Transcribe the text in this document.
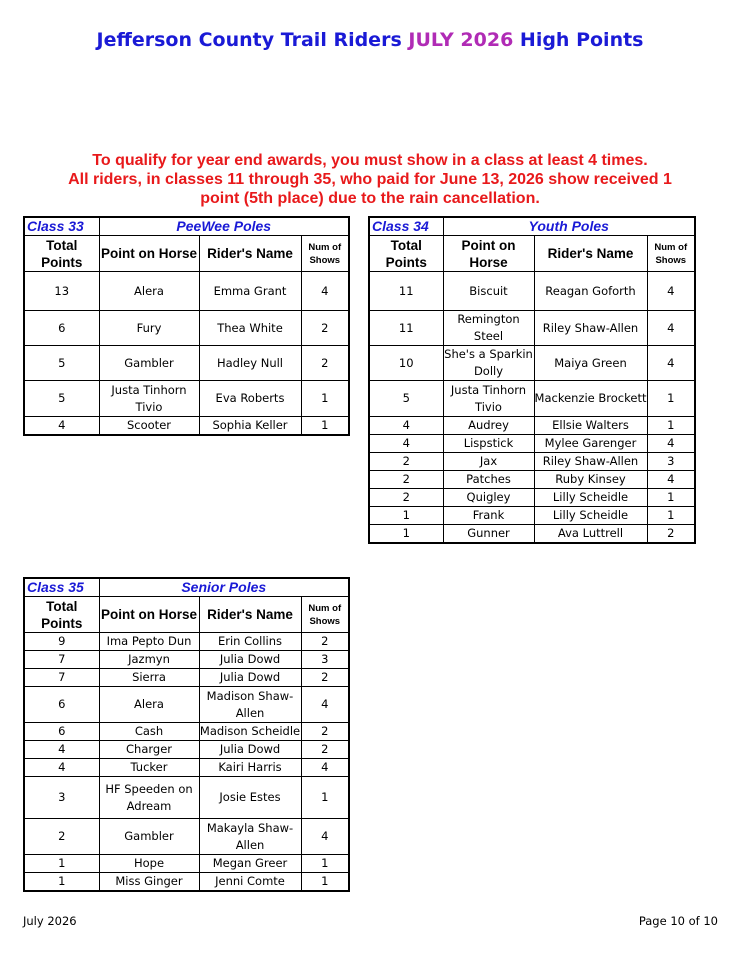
Jefferson County Trail Riders JULY 2026 High Points
To qualify for year end awards, you must show in a class at least 4 times.
All riders, in classes 11 through 35, who paid for June 13, 2026 show received 1
point (5th place) due to the rain cancellation.
Class 33	PeeWee Poles		
Total Points	Point on Horse	Rider's Name	Num of Shows
13	Alera	Emma Grant	4
6	Fury	Thea White	2
5	Gambler	Hadley Null	2
5	Justa Tinhorn Tivio	Eva Roberts	1
4	Scooter	Sophia Keller	1
Class 34	Youth Poles		
Total Points	Point on Horse	Rider's Name	Num of Shows
11	Biscuit	Reagan Goforth	4
11	Remington Steel	Riley Shaw-Allen	4
10	She's a Sparkin Dolly	Maiya Green	4
5	Justa Tinhorn Tivio	Mackenzie Brockett	1
4	Audrey	Ellsie Walters	1
4	Lispstick	Mylee Garenger	4
2	Jax	Riley Shaw-Allen	3
2	Patches	Ruby Kinsey	4
2	Quigley	Lilly Scheidle	1
1	Frank	Lilly Scheidle	1
1	Gunner	Ava Luttrell	2
Class 35	Senior Poles		
Total Points	Point on Horse	Rider's Name	Num of Shows
9	Ima Pepto Dun	Erin Collins	2
7	Jazmyn	Julia Dowd	3
7	Sierra	Julia Dowd	2
6	Alera	Madison Shaw-Allen	4
6	Cash	Madison Scheidle	2
4	Charger	Julia Dowd	2
4	Tucker	Kairi Harris	4
3	HF Speeden on Adream	Josie Estes	1
2	Gambler	Makayla Shaw-Allen	4
1	Hope	Megan Greer	1
1	Miss Ginger	Jenni Comte	1
July 2026	Page 10 of 10
